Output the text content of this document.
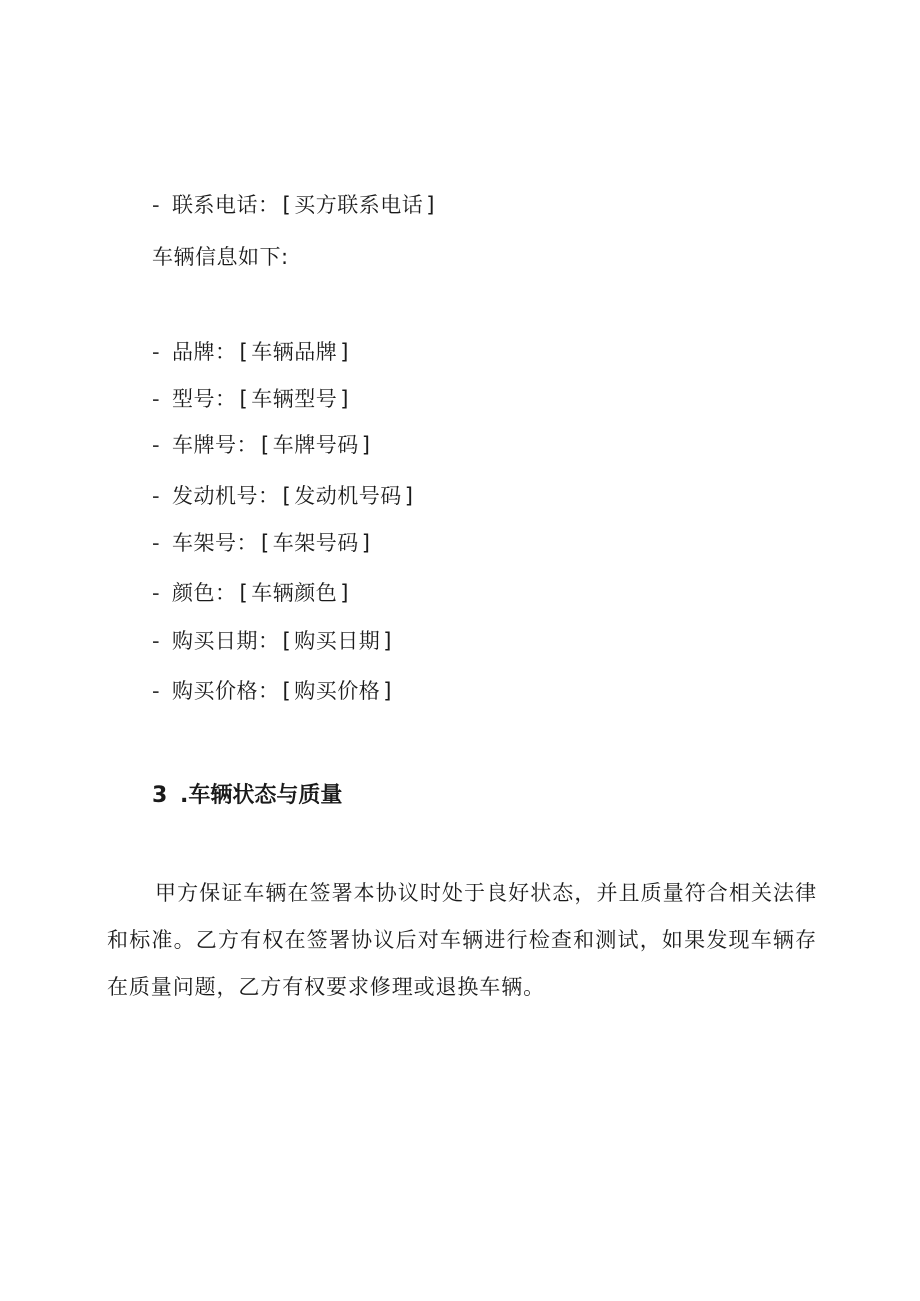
- 联系电话： [ 买方联系电话 ]
车辆信息如下:
- 品牌： [ 车辆品牌 ]
- 型号： [ 车辆型号 ]
- 车牌号： [ 车牌号码 ]
- 发动机号： [ 发动机号码 ]
- 车架号： [ 车架号码 ]
- 颜色： [ 车辆颜色 ]
- 购买日期： [ 购买日期 ]
- 购买价格： [ 购买价格 ]
3 .车辆状态与质量
甲方保证车辆在签署本协议时处于良好状态，并且质量符合相关法律和标准。乙方有权在签署协议后对车辆进行检查和测试，如果发现车辆存在质量问题，乙方有权要求修理或退换车辆。
